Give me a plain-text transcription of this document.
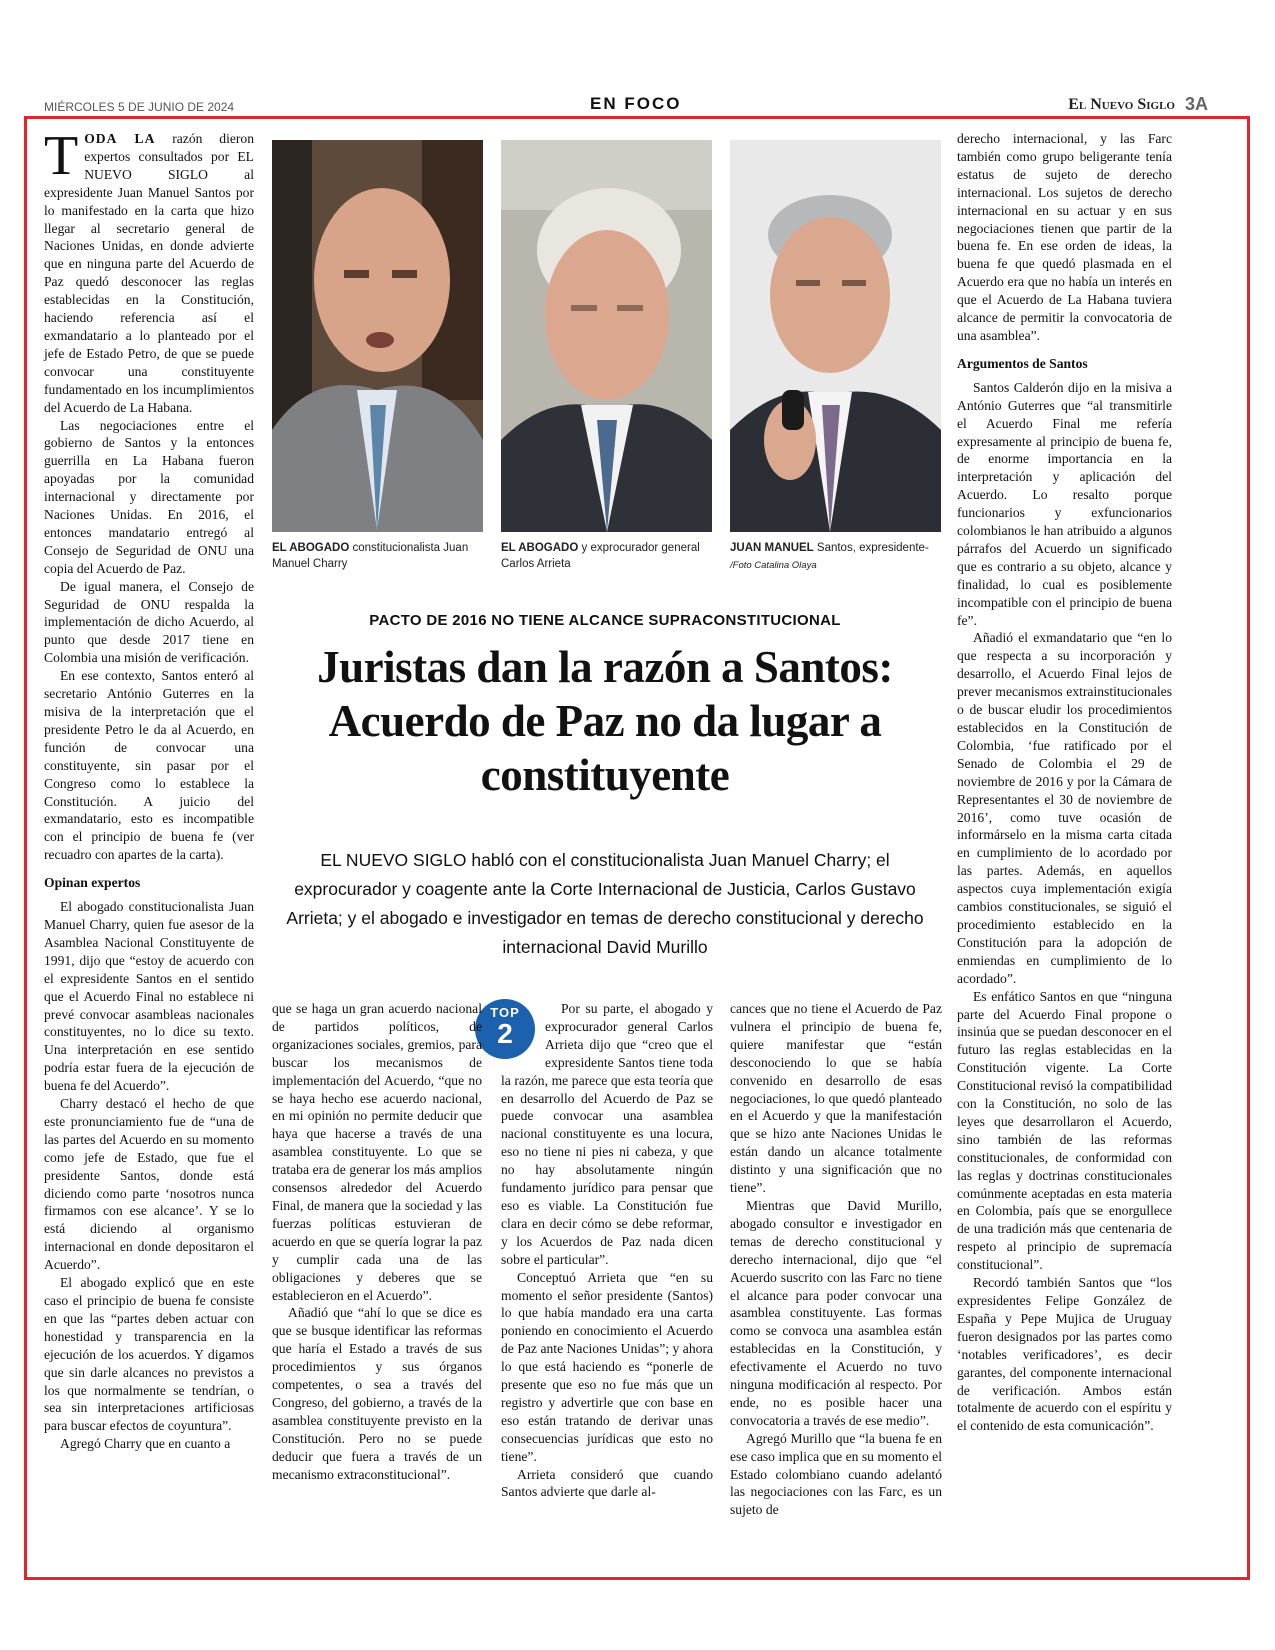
MIÉRCOLES 5 DE JUNIO DE 2024	EN FOCO	El Nuevo Siglo 3A

TODA LA razón dieron expertos consultados por EL NUEVO SIGLO al expresidente Juan Manuel Santos por lo manifestado en la carta que hizo llegar al secretario general de Naciones Unidas, en donde advierte que en ninguna parte del Acuerdo de Paz quedó desconocer las reglas establecidas en la Constitución, haciendo referencia así el exmandatario a lo planteado por el jefe de Estado Petro, de que se puede convocar una constituyente fundamentado en los incumplimientos del Acuerdo de La Habana.

Las negociaciones entre el gobierno de Santos y la entonces guerrilla en La Habana fueron apoyadas por la comunidad internacional y directamente por Naciones Unidas. En 2016, el entonces mandatario entregó al Consejo de Seguridad de ONU una copia del Acuerdo de Paz.

De igual manera, el Consejo de Seguridad de ONU respalda la implementación de dicho Acuerdo, al punto que desde 2017 tiene en Colombia una misión de verificación.

En ese contexto, Santos enteró al secretario António Guterres en la misiva de la interpretación que el presidente Petro le da al Acuerdo, en función de convocar una constituyente, sin pasar por el Congreso como lo establece la Constitución. A juicio del exmandatario, esto es incompatible con el principio de buena fe (ver recuadro con apartes de la carta).

Opinan expertos

El abogado constitucionalista Juan Manuel Charry, quien fue asesor de la Asamblea Nacional Constituyente de 1991, dijo que “estoy de acuerdo con el expresidente Santos en el sentido que el Acuerdo Final no establece ni prevé convocar asambleas nacionales constituyentes, no lo dice su texto. Una interpretación en ese sentido podría estar fuera de la ejecución de buena fe del Acuerdo”.

Charry destacó el hecho de que este pronunciamiento fue de “una de las partes del Acuerdo en su momento como jefe de Estado, que fue el presidente Santos, donde está diciendo como parte ‘nosotros nunca firmamos con ese alcance’. Y se lo está diciendo al organismo internacional en donde depositaron el Acuerdo”.

El abogado explicó que en este caso el principio de buena fe consiste en que las “partes deben actuar con honestidad y transparencia en la ejecución de los acuerdos. Y digamos que sin darle alcances no previstos a los que normalmente se tendrían, o sea sin interpretaciones artificiosas para buscar efectos de coyuntura”.

Agregó Charry que en cuanto a

EL ABOGADO constitucionalista Juan Manuel Charry
EL ABOGADO y exprocurador general Carlos Arrieta
JUAN MANUEL Santos, expresidente- /Foto Catalina Olaya
PACTO DE 2016 NO TIENE ALCANCE SUPRACONSTITUCIONAL
Juristas dan la razón a Santos: Acuerdo de Paz no da lugar a constituyente
EL NUEVO SIGLO habló con el constitucionalista Juan Manuel Charry; el exprocurador y coagente ante la Corte Internacional de Justicia, Carlos Gustavo Arrieta; y el abogado e investigador en temas de derecho constitucional y derecho internacional David Murillo
TOP
2

que se haga un gran acuerdo nacional de partidos políticos, de organizaciones sociales, gremios, para buscar los mecanismos de implementación del Acuerdo, “que no se haya hecho ese acuerdo nacional, en mi opinión no permite deducir que haya que hacerse a través de una asamblea constituyente. Lo que se trataba era de generar los más amplios consensos alrededor del Acuerdo Final, de manera que la sociedad y las fuerzas políticas estuvieran de acuerdo en que se quería lograr la paz y cumplir cada una de las obligaciones y deberes que se establecieron en el Acuerdo”.

Añadió que “ahí lo que se dice es que se busque identificar las reformas que haría el Estado a través de sus procedimientos y sus órganos competentes, o sea a través del Congreso, del gobierno, a través de la asamblea constituyente previsto en la Constitución. Pero no se puede deducir que fuera a través de un mecanismo extraconstitucional”.

Por su parte, el abogado y exprocurador general Carlos Arrieta dijo que “creo que el expresidente Santos tiene toda la razón, me parece que esta teoría que en desarrollo del Acuerdo de Paz se puede convocar una asamblea nacional constituyente es una locura, eso no tiene ni pies ni cabeza, y que no hay absolutamente ningún fundamento jurídico para pensar que eso es viable. La Constitución fue clara en decir cómo se debe reformar, y los Acuerdos de Paz nada dicen sobre el particular”.

Conceptuó Arrieta que “en su momento el señor presidente (Santos) lo que había mandado era una carta poniendo en conocimiento el Acuerdo de Paz ante Naciones Unidas”; y ahora lo que está haciendo es “ponerle de presente que eso no fue más que un registro y advertirle que con base en eso están tratando de derivar unas consecuencias jurídicas que esto no tiene”.

Arrieta consideró que cuando Santos advierte que darle al-

cances que no tiene el Acuerdo de Paz vulnera el principio de buena fe, quiere manifestar que “están desconociendo lo que se había convenido en desarrollo de esas negociaciones, lo que quedó planteado en el Acuerdo y que la manifestación que se hizo ante Naciones Unidas le están dando un alcance totalmente distinto y una significación que no tiene”.

Mientras que David Murillo, abogado consultor e investigador en temas de derecho constitucional y derecho internacional, dijo que “el Acuerdo suscrito con las Farc no tiene el alcance para poder convocar una asamblea constituyente. Las formas como se convoca una asamblea están establecidas en la Constitución, y efectivamente el Acuerdo no tuvo ninguna modificación al respecto. Por ende, no es posible hacer una convocatoria a través de ese medio”.

Agregó Murillo que “la buena fe en ese caso implica que en su momento el Estado colombiano cuando adelantó las negociaciones con las Farc, es un sujeto de

derecho internacional, y las Farc también como grupo beligerante tenía estatus de sujeto de derecho internacional. Los sujetos de derecho internacional en su actuar y en sus negociaciones tienen que partir de la buena fe. En ese orden de ideas, la buena fe que quedó plasmada en el Acuerdo era que no había un interés en que el Acuerdo de La Habana tuviera alcance de permitir la convocatoria de una asamblea”.

Argumentos de Santos

Santos Calderón dijo en la misiva a António Guterres que “al transmitirle el Acuerdo Final me refería expresamente al principio de buena fe, de enorme importancia en la interpretación y aplicación del Acuerdo. Lo resalto porque funcionarios y exfuncionarios colombianos le han atribuido a algunos párrafos del Acuerdo un significado que es contrario a su objeto, alcance y finalidad, lo cual es posiblemente incompatible con el principio de buena fe”.

Añadió el exmandatario que “en lo que respecta a su incorporación y desarrollo, el Acuerdo Final lejos de prever mecanismos extrainstitucionales o de buscar eludir los procedimientos establecidos en la Constitución de Colombia, ‘fue ratificado por el Senado de Colombia el 29 de noviembre de 2016 y por la Cámara de Representantes el 30 de noviembre de 2016’, como tuve ocasión de informárselo en la misma carta citada en cumplimiento de lo acordado por las partes. Además, en aquellos aspectos cuya implementación exigía cambios constitucionales, se siguió el procedimiento establecido en la Constitución para la adopción de enmiendas en cumplimiento de lo acordado”.

Es enfático Santos en que “ninguna parte del Acuerdo Final propone o insinúa que se puedan desconocer en el futuro las reglas establecidas en la Constitución vigente. La Corte Constitucional revisó la compatibilidad con la Constitución, no solo de las leyes que desarrollaron el Acuerdo, sino también de las reformas constitucionales, de conformidad con las reglas y doctrinas constitucionales comúnmente aceptadas en esta materia en Colombia, país que se enorgullece de una tradición más que centenaria de respeto al principio de supremacía constitucional”.

Recordó también Santos que “los expresidentes Felipe González de España y Pepe Mujica de Uruguay fueron designados por las partes como ‘notables verificadores’, es decir garantes, del componente internacional de verificación. Ambos están totalmente de acuerdo con el espíritu y el contenido de esta comunicación”.
